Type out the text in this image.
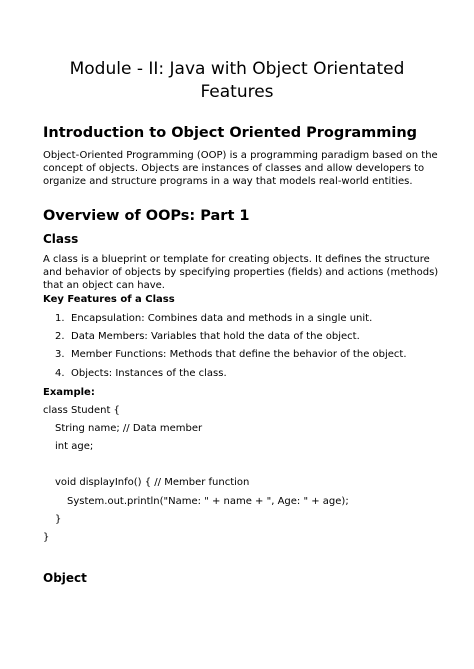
Module - II: Java with Object Orientated
Features
Introduction to Object Oriented Programming
Object-Oriented Programming (OOP) is a programming paradigm based on the
concept of objects. Objects are instances of classes and allow developers to
organize and structure programs in a way that models real-world entities.
Overview of OOPs: Part 1
Class
A class is a blueprint or template for creating objects. It defines the structure
and behavior of objects by specifying properties (fields) and actions (methods)
that an object can have.
Key Features of a Class
1. Encapsulation: Combines data and methods in a single unit.
2. Data Members: Variables that hold the data of the object.
3. Member Functions: Methods that define the behavior of the object.
4. Objects: Instances of the class.
Example:
class Student {
String name; // Data member
int age;
void displayInfo() { // Member function
System.out.println("Name: " + name + ", Age: " + age);
}
}
Object
